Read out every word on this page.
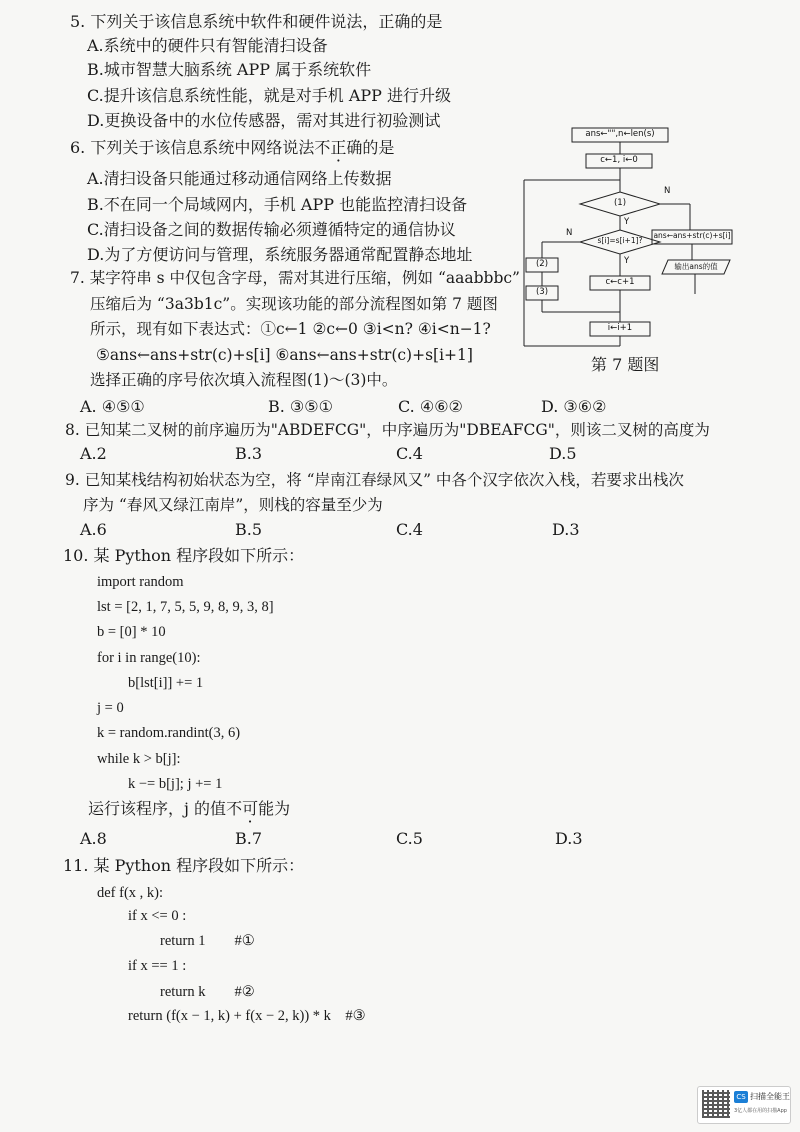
5. 下列关于该信息系统中软件和硬件说法，正确的是
A.系统中的硬件只有智能清扫设备
B.城市智慧大脑系统 APP 属于系统软件
C.提升该信息系统性能，就是对手机 APP 进行升级
D.更换设备中的水位传感器，需对其进行初验测试
6. 下列关于该信息系统中网络说法不正确的是
A.清扫设备只能通过移动通信网络上传数据
B.不在同一个局域网内，手机 APP 也能监控清扫设备
C.清扫设备之间的数据传输必须遵循特定的通信协议
D.为了方便访问与管理，系统服务器通常配置静态地址
7. 某字符串 s 中仅包含字母，需对其进行压缩，例如 “aaabbbc”
压缩后为 “3a3b1c”。实现该功能的部分流程图如第 7 题图
所示，现有如下表达式：①c←1 ②c←0 ③i<n? ④i<n−1?
⑤ans←ans+str(c)+s[i] ⑥ans←ans+str(c)+s[i+1]
选择正确的序号依次填入流程图(1)～(3)中。
A. ④⑤①	B. ③⑤①	C. ④⑥②	D. ③⑥②
ans←"",n←len(s)
c←1, i←0
(1)
s[i]=s[i+1]?
ans←ans+str(c)+s[i]
输出ans的值
(2)
(3)
c←c+1
i←i+1
N
Y
N
Y
第 7 题图
8. 已知某二叉树的前序遍历为"ABDEFCG"，中序遍历为"DBEAFCG"，则该二叉树的高度为
A.2	B.3	C.4	D.5
9. 已知某栈结构初始状态为空，将 “岸南江春绿风又” 中各个汉字依次入栈，若要求出栈次
序为 “春风又绿江南岸”，则栈的容量至少为
A.6	B.5	C.4	D.3
10. 某 Python 程序段如下所示：
import random
lst = [2, 1, 7, 5, 5, 9, 8, 9, 3, 8]
b = [0] * 10
for i in range(10):
b[lst[i]] += 1
j = 0
k = random.randint(3, 6)
while k > b[j]:
k −= b[j]; j += 1
运行该程序，j 的值不可能为
A.8	B.7	C.5	D.3
11. 某 Python 程序段如下所示：
def f(x , k):
if x <= 0 :
return 1        #①
if x == 1 :
return k        #②
return (f(x − 1, k) + f(x − 2, k)) * k    #③
CS 扫描全能王
3亿人都在用的扫描App
